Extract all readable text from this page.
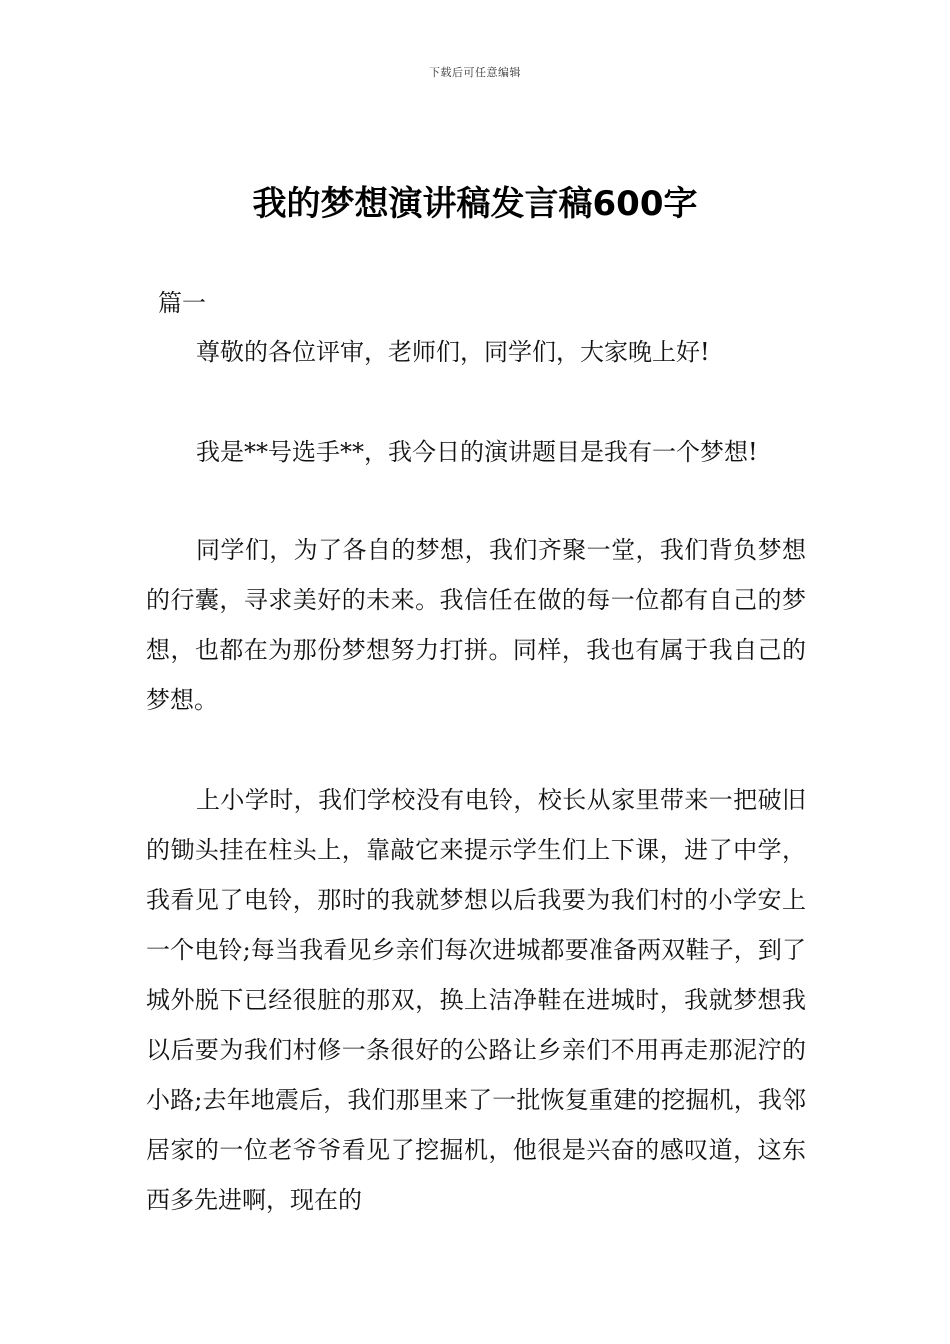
下载后可任意编辑
我的梦想演讲稿发言稿600字
篇一

尊敬的各位评审，老师们，同学们，大家晚上好!

我是**号选手**，我今日的演讲题目是我有一个梦想!

同学们，为了各自的梦想，我们齐聚一堂，我们背负梦想的行囊，寻求美好的未来。我信任在做的每一位都有自己的梦想，也都在为那份梦想努力打拼。同样，我也有属于我自己的梦想。

上小学时，我们学校没有电铃，校长从家里带来一把破旧的锄头挂在柱头上，靠敲它来提示学生们上下课，进了中学，我看见了电铃，那时的我就梦想以后我要为我们村的小学安上一个电铃;每当我看见乡亲们每次进城都要准备两双鞋子，到了城外脱下已经很脏的那双，换上洁净鞋在进城时，我就梦想我以后要为我们村修一条很好的公路让乡亲们不用再走那泥泞的小路;去年地震后，我们那里来了一批恢复重建的挖掘机，我邻居家的一位老爷爷看见了挖掘机，他很是兴奋的感叹道，这东西多先进啊，现在的
